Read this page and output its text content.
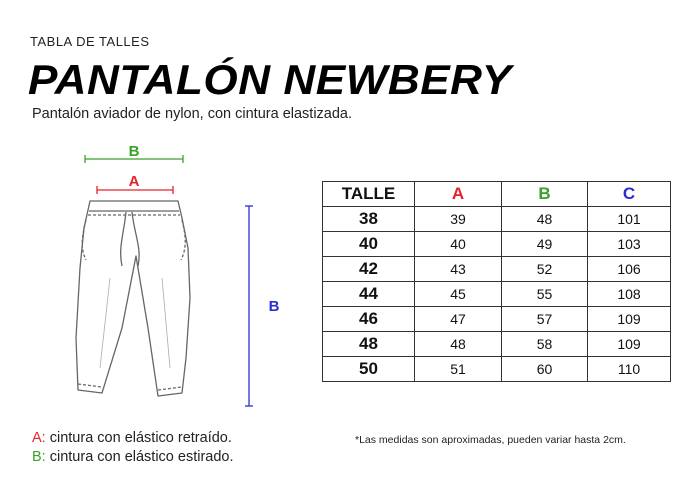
TABLA DE TALLES
PANTALÓN NEWBERY
Pantalón aviador de nylon, con cintura elastizada.
B
A
B
TALLE	A	B	C
38	39	48	101
40	40	49	103
42	43	52	106
44	45	55	108
46	47	57	109
48	48	58	109
50	51	60	110
*Las medidas son aproximadas, pueden variar hasta 2cm.
A: cintura con elástico retraído.
B: cintura con elástico estirado.
